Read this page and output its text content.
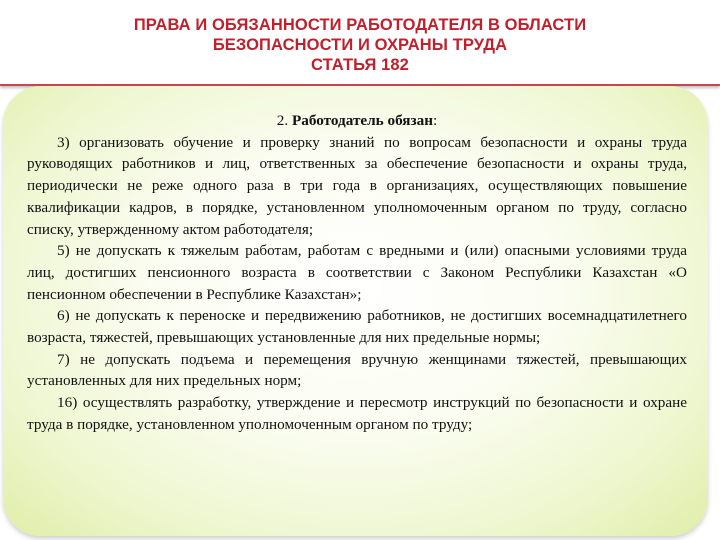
ПРАВА И ОБЯЗАННОСТИ РАБОТОДАТЕЛЯ В ОБЛАСТИ
БЕЗОПАСНОСТИ И ОХРАНЫ ТРУДА
СТАТЬЯ 182

2. Работодатель обязан:

3) организовать обучение и проверку знаний по вопросам безопасности и охраны труда руководящих работников и лиц, ответственных за обеспечение безопасности и охраны труда, периодически не реже одного раза в три года в организациях, осуществляющих повышение квалификации кадров, в порядке, установленном уполномоченным органом по труду, согласно списку, утвержденному актом работодателя;

5) не допускать к тяжелым работам, работам с вредными и (или) опасными условиями труда лиц, достигших пенсионного возраста в соответствии с Законом Республики Казахстан «О пенсионном обеспечении в Республике Казахстан»;

6) не допускать к переноске и передвижению работников, не достигших восемнадцатилетнего возраста, тяжестей, превышающих установленные для них предельные нормы;

7) не допускать подъема и перемещения вручную женщинами тяжестей, превышающих установленных для них предельных норм;

16) осуществлять разработку, утверждение и пересмотр инструкций по безопасности и охране труда в порядке, установленном уполномоченным органом по труду;
